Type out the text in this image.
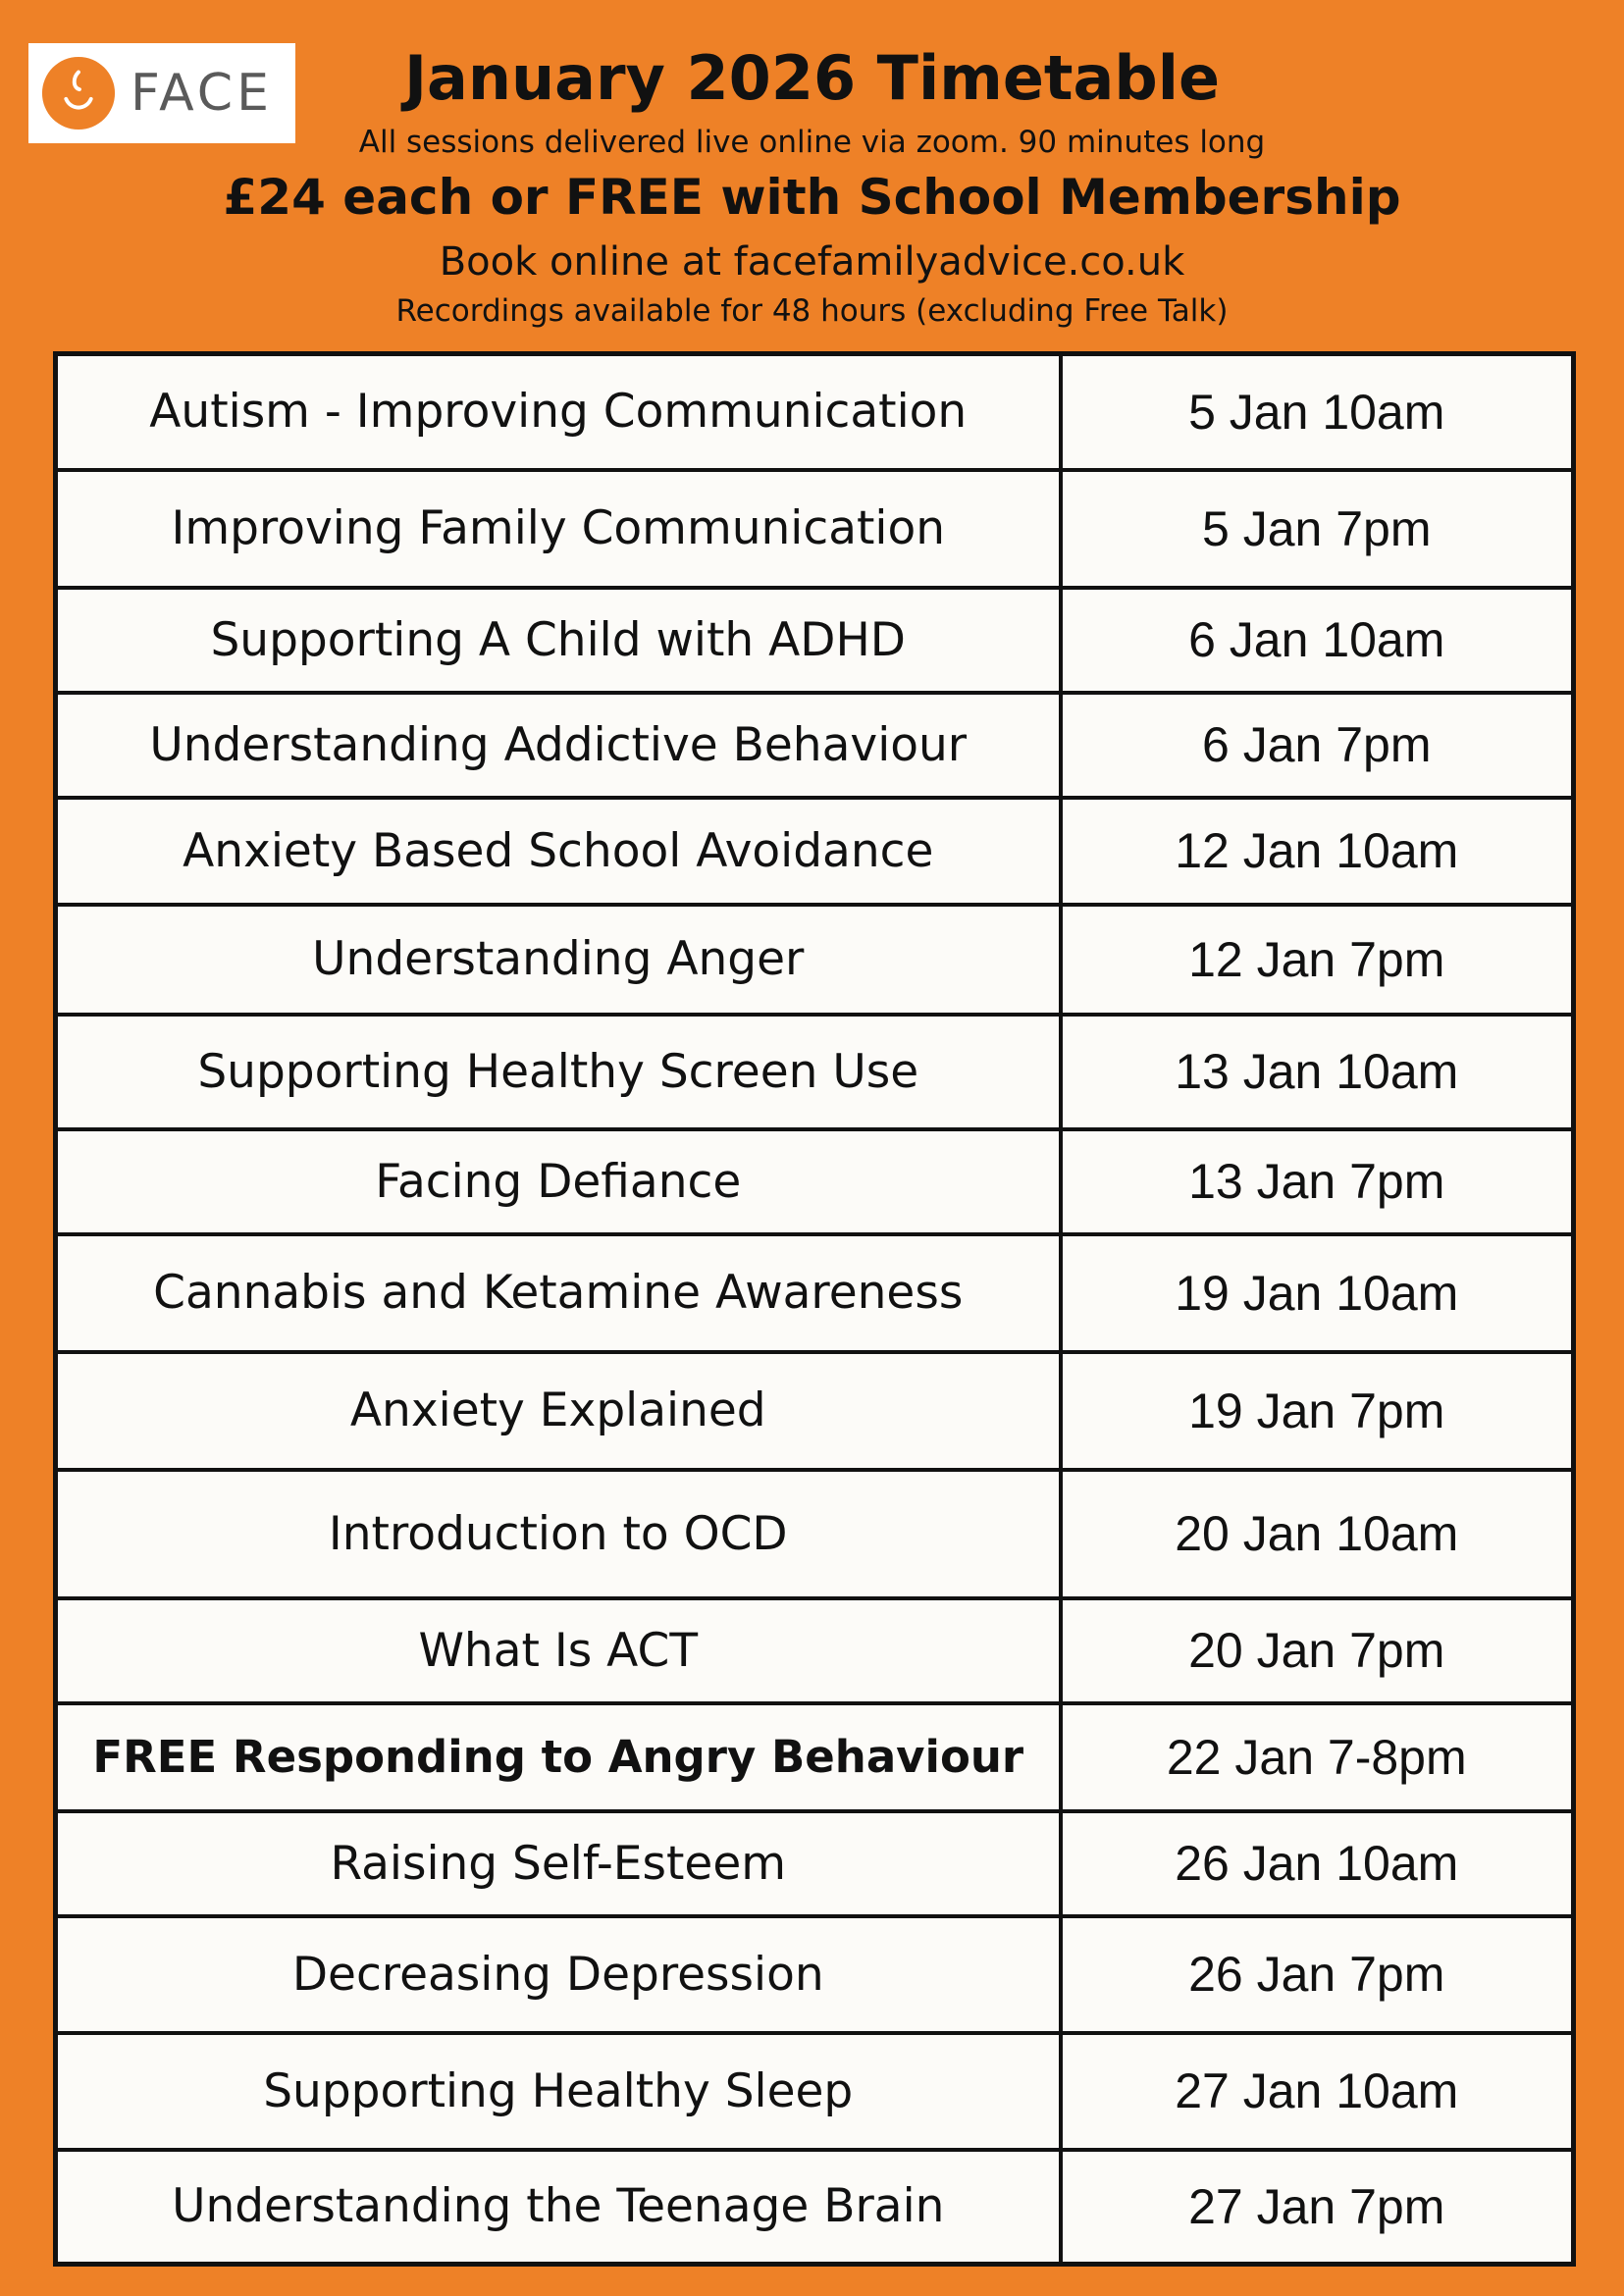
FACE	January 2026 Timetable
All sessions delivered live online via zoom. 90 minutes long
£24 each or FREE with School Membership
Book online at facefamilyadvice.co.uk
Recordings available for 48 hours (excluding Free Talk)
Autism - Improving Communication	5 Jan 10am
Improving Family Communication	5 Jan 7pm
Supporting A Child with ADHD	6 Jan 10am
Understanding Addictive Behaviour	6 Jan 7pm
Anxiety Based School Avoidance	12 Jan 10am
Understanding Anger	12 Jan 7pm
Supporting Healthy Screen Use	13 Jan 10am
Facing Defiance	13 Jan 7pm
Cannabis and Ketamine Awareness	19 Jan 10am
Anxiety Explained	19 Jan 7pm
Introduction to OCD	20 Jan 10am
What Is ACT	20 Jan 7pm
FREE Responding to Angry Behaviour	22 Jan 7-8pm
Raising Self-Esteem	26 Jan 10am
Decreasing Depression	26 Jan 7pm
Supporting Healthy Sleep	27 Jan 10am
Understanding the Teenage Brain	27 Jan 7pm
